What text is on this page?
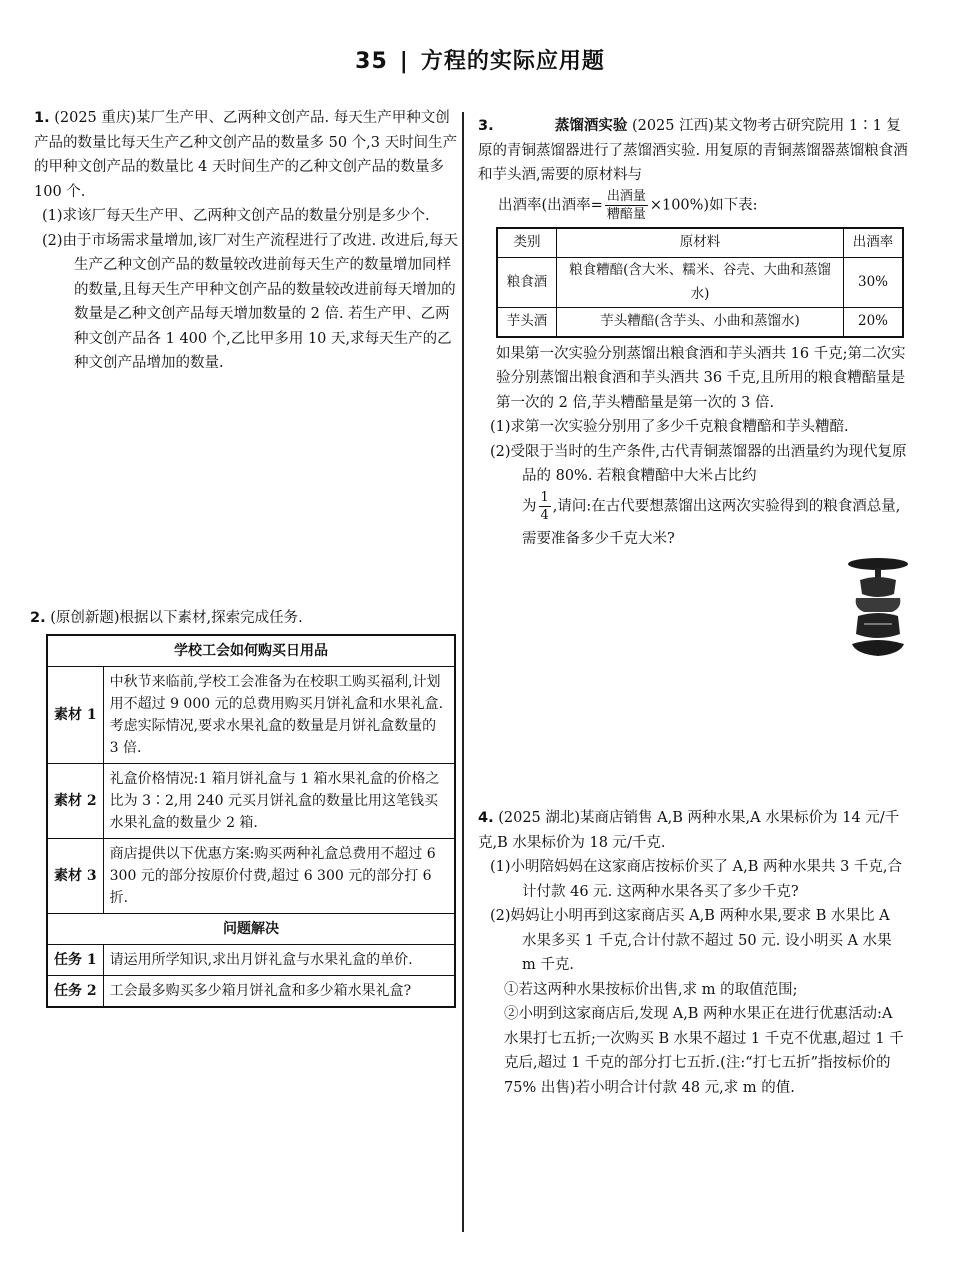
35 | 方程的实际应用题

1. (2025 重庆)某厂生产甲、乙两种文创产品. 每天生产甲种文创产品的数量比每天生产乙种文创产品的数量多 50 个,3 天时间生产的甲种文创产品的数量比 4 天时间生产的乙种文创产品的数量多 100 个.

(1)求该厂每天生产甲、乙两种文创产品的数量分别是多少个.

(2)由于市场需求量增加,该厂对生产流程进行了改进. 改进后,每天生产乙种文创产品的数量较改进前每天生产的数量增加同样的数量,且每天生产甲种文创产品的数量较改进前每天增加的数量是乙种文创产品每天增加数量的 2 倍. 若生产甲、乙两种文创产品各 1 400 个,乙比甲多用 10 天,求每天生产的乙种文创产品增加的数量.

2. (原创新题)根据以下素材,探索完成任务.

学校工会如何购买日用品	
素材 1	中秋节来临前,学校工会准备为在校职工购买福利,计划用不超过 9 000 元的总费用购买月饼礼盒和水果礼盒. 考虑实际情况,要求水果礼盒的数量是月饼礼盒数量的 3 倍.
素材 2	礼盒价格情况:1 箱月饼礼盒与 1 箱水果礼盒的价格之比为 3∶2,用 240 元买月饼礼盒的数量比用这笔钱买水果礼盒的数量少 2 箱.
素材 3	商店提供以下优惠方案:购买两种礼盒总费用不超过 6 300 元的部分按原价付费,超过 6 300 元的部分打 6 折.
问题解决	
任务 1	请运用所学知识,求出月饼礼盒与水果礼盒的单价.
任务 2	工会最多购买多少箱月饼礼盒和多少箱水果礼盒?

3.	蒸馏酒实验 (2025 江西)某文物考古研究院用 1∶1 复原的青铜蒸馏器进行了蒸馏酒实验. 用复原的青铜蒸馏器蒸馏粮食酒和芋头酒,需要的原材料与

出酒率(出酒率= $\frac{\text{出酒量}}{\text{糟醅量}} \times 100\%$)如下表:

类别	原材料	出酒率
粮食酒	粮食糟醅(含大米、糯米、谷壳、大曲和蒸馏水)	30%
芋头酒	芋头糟醅(含芋头、小曲和蒸馏水)	20%

如果第一次实验分别蒸馏出粮食酒和芋头酒共 16 千克;第二次实验分别蒸馏出粮食酒和芋头酒共 36 千克,且所用的粮食糟醅量是第一次的 2 倍,芋头糟醅量是第一次的 3 倍.

(1)求第一次实验分别用了多少千克粮食糟醅和芋头糟醅.

(2)受限于当时的生产条件,古代青铜蒸馏器的出酒量约为现代复原品的 80%. 若粮食糟醅中大米占比约

为 $\frac{1}{4}$ ,请问:在古代要想蒸馏出这两次实验得到的粮食酒总量,需要准备多少千克大米?

4. (2025 湖北)某商店销售 A,B 两种水果,A 水果标价为 14 元/千克,B 水果标价为 18 元/千克.

(1)小明陪妈妈在这家商店按标价买了 A,B 两种水果共 3 千克,合计付款 46 元. 这两种水果各买了多少千克?

(2)妈妈让小明再到这家商店买 A,B 两种水果,要求 B 水果比 A 水果多买 1 千克,合计付款不超过 50 元. 设小明买 A 水果 m 千克.

①若这两种水果按标价出售,求 m 的取值范围;

②小明到这家商店后,发现 A,B 两种水果正在进行优惠活动:A 水果打七五折;一次购买 B 水果不超过 1 千克不优惠,超过 1 千克后,超过 1 千克的部分打七五折.(注:“打七五折”指按标价的 75% 出售)若小明合计付款 48 元,求 m 的值.
